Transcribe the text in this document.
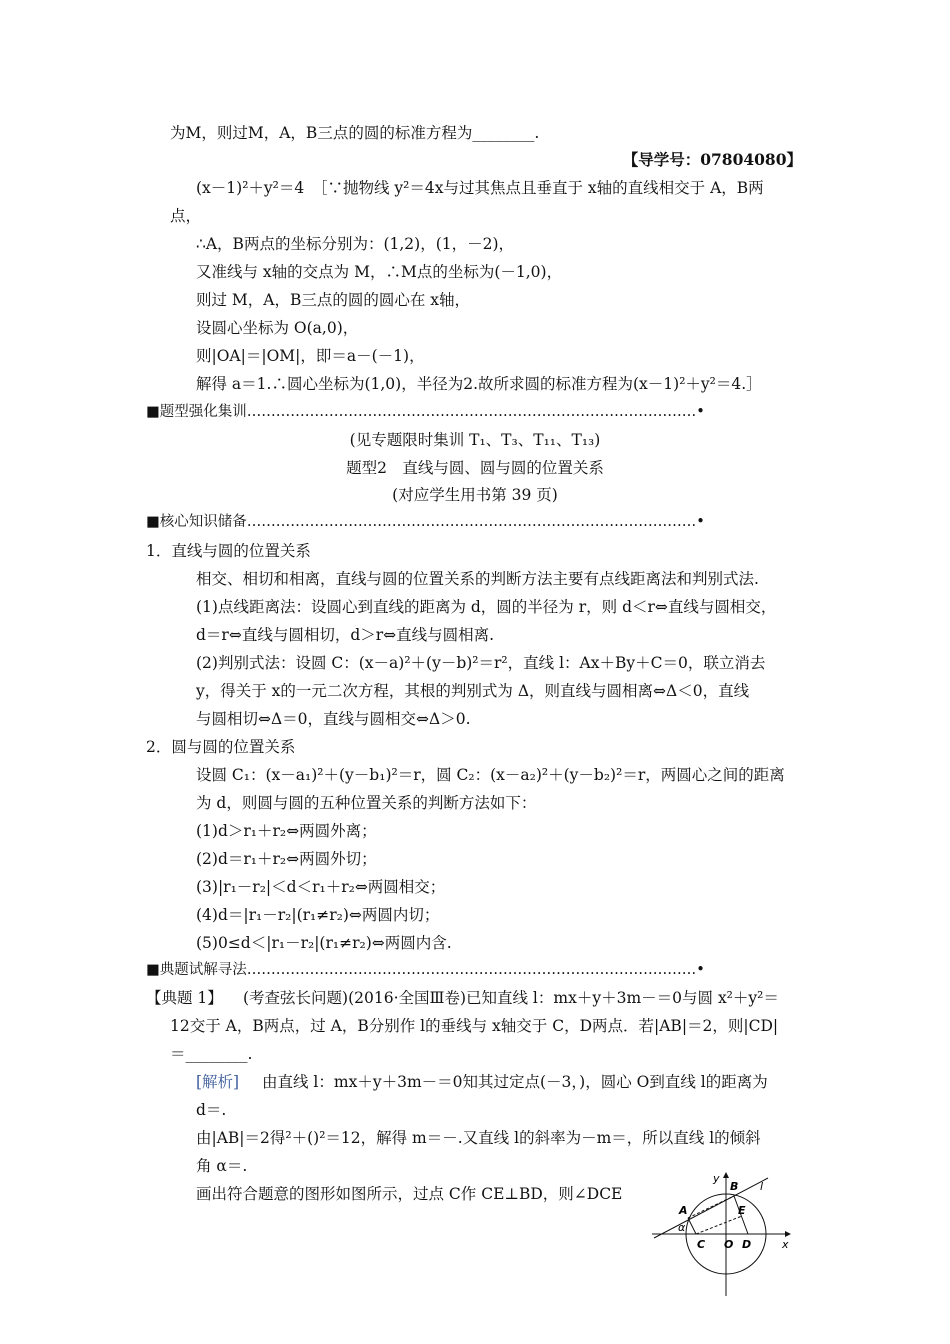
为M，则过M，A，B三点的圆的标准方程为________.
【导学号：07804080】
(x－1)²＋y²＝4　［∵抛物线 y²＝4x与过其焦点且垂直于 x轴的直线相交于 A，B两
点，
∴A，B两点的坐标分别为：(1,2)，(1，－2)，
又准线与 x轴的交点为 M，∴M点的坐标为(－1,0)，
则过 M，A，B三点的圆的圆心在 x轴，
设圆心坐标为 O(a,0)，
则|OA|＝|OM|，即＝a－(－1)，
解得 a＝1.∴圆心坐标为(1,0)，半径为2.故所求圆的标准方程为(x－1)²＋y²＝4.］
■题型强化集训…………………………………………………………………………………•
(见专题限时集训 T₁、T₃、T₁₁、T₁₃)
题型2　直线与圆、圆与圆的位置关系
(对应学生用书第 39 页)
■核心知识储备…………………………………………………………………………………•
1．直线与圆的位置关系
相交、相切和相离，直线与圆的位置关系的判断方法主要有点线距离法和判别式法.
(1)点线距离法：设圆心到直线的距离为 d，圆的半径为 r，则 d＜r⇔直线与圆相交，
d＝r⇔直线与圆相切，d＞r⇔直线与圆相离.
(2)判别式法：设圆 C：(x－a)²＋(y－b)²＝r²，直线 l：Ax＋By＋C＝0，联立消去
y，得关于 x的一元二次方程，其根的判别式为 Δ，则直线与圆相离⇔Δ＜0，直线
与圆相切⇔Δ＝0，直线与圆相交⇔Δ＞0.
2．圆与圆的位置关系
设圆 C₁：(x－a₁)²＋(y－b₁)²＝r，圆 C₂：(x－a₂)²＋(y－b₂)²＝r，两圆心之间的距离
为 d，则圆与圆的五种位置关系的判断方法如下：
(1)d＞r₁＋r₂⇔两圆外离；
(2)d＝r₁＋r₂⇔两圆外切；
(3)|r₁－r₂|＜d＜r₁＋r₂⇔两圆相交；
(4)d＝|r₁－r₂|(r₁≠r₂)⇔两圆内切；
(5)0≤d＜|r₁－r₂|(r₁≠r₂)⇔两圆内含.
■典题试解寻法…………………………………………………………………………………•
【典题 1】 (考查弦长问题)(2016·全国Ⅲ卷)已知直线 l：mx＋y＋3m－＝0与圆 x²＋y²＝
12交于 A，B两点，过 A，B分别作 l的垂线与 x轴交于 C，D两点．若|AB|＝2，则|CD|
＝________.
[解析] 由直线 l：mx＋y＋3m－＝0知其过定点(－3，)，圆心 O到直线 l的距离为
d＝.
由|AB|＝2得²＋()²＝12，解得 m＝－.又直线 l的斜率为－m＝，所以直线 l的倾斜
角 α＝.
画出符合题意的图形如图所示，过点 C作 CE⊥BD，则∠DCE
y
B l
A
α
E
C O D	x
